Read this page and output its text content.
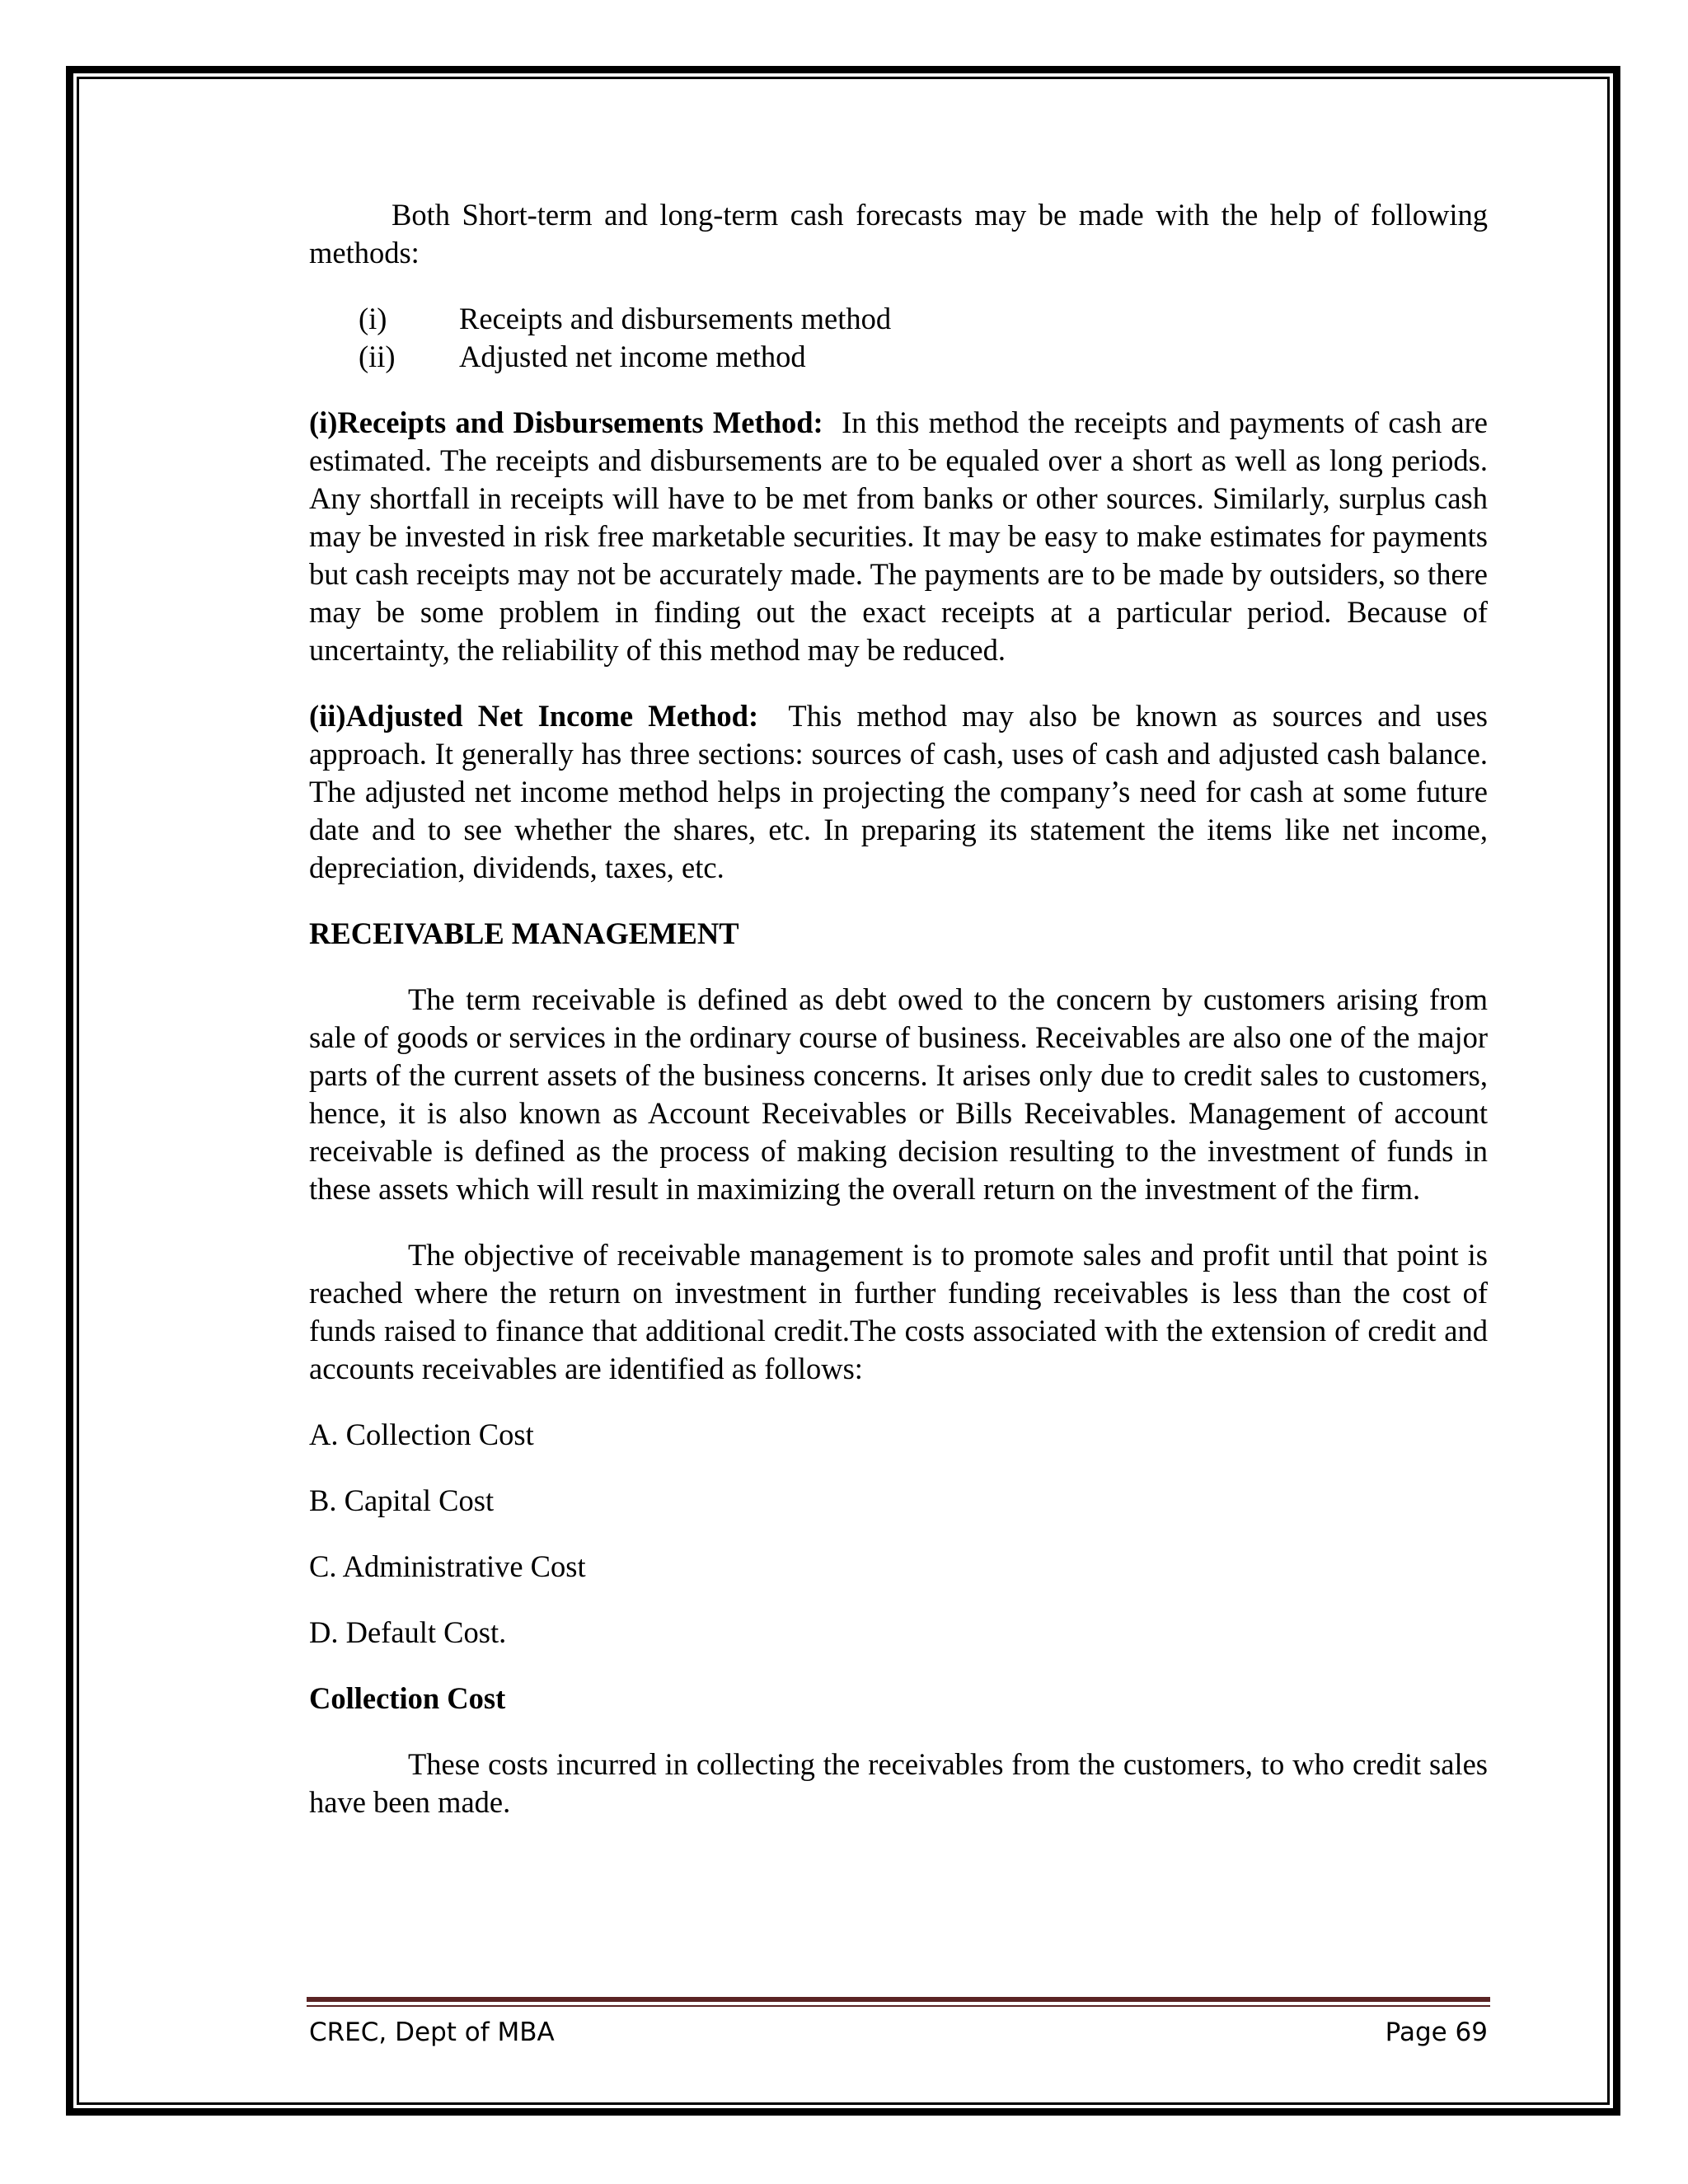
Both Short-term and long-term cash forecasts may be made with the help of following methods:

(i)	Receipts and disbursements method
(ii)	Adjusted net income method

(i)Receipts and Disbursements Method: In this method the receipts and payments of cash are estimated. The receipts and disbursements are to be equaled over a short as well as long periods. Any shortfall in receipts will have to be met from banks or other sources. Similarly, surplus cash may be invested in risk free marketable securities. It may be easy to make estimates for payments but cash receipts may not be accurately made. The payments are to be made by outsiders, so there may be some problem in finding out the exact receipts at a particular period. Because of uncertainty, the reliability of this method may be reduced.

(ii)Adjusted Net Income Method: This method may also be known as sources and uses approach. It generally has three sections: sources of cash, uses of cash and adjusted cash balance. The adjusted net income method helps in projecting the company’s need for cash at some future date and to see whether the shares, etc. In preparing its statement the items like net income, depreciation, dividends, taxes, etc.

RECEIVABLE MANAGEMENT

The term receivable is defined as debt owed to the concern by customers arising from sale of goods or services in the ordinary course of business. Receivables are also one of the major parts of the current assets of the business concerns. It arises only due to credit sales to customers, hence, it is also known as Account Receivables or Bills Receivables. Management of account receivable is defined as the process of making decision resulting to the investment of funds in these assets which will result in maximizing the overall return on the investment of the firm.

The objective of receivable management is to promote sales and profit until that point is reached where the return on investment in further funding receivables is less than the cost of funds raised to finance that additional credit.The costs associated with the extension of credit and accounts receivables are identified as follows:

A. Collection Cost

B. Capital Cost

C. Administrative Cost

D. Default Cost.

Collection Cost

These costs incurred in collecting the receivables from the customers, to who credit sales have been made.

CREC, Dept of MBA	Page 69
